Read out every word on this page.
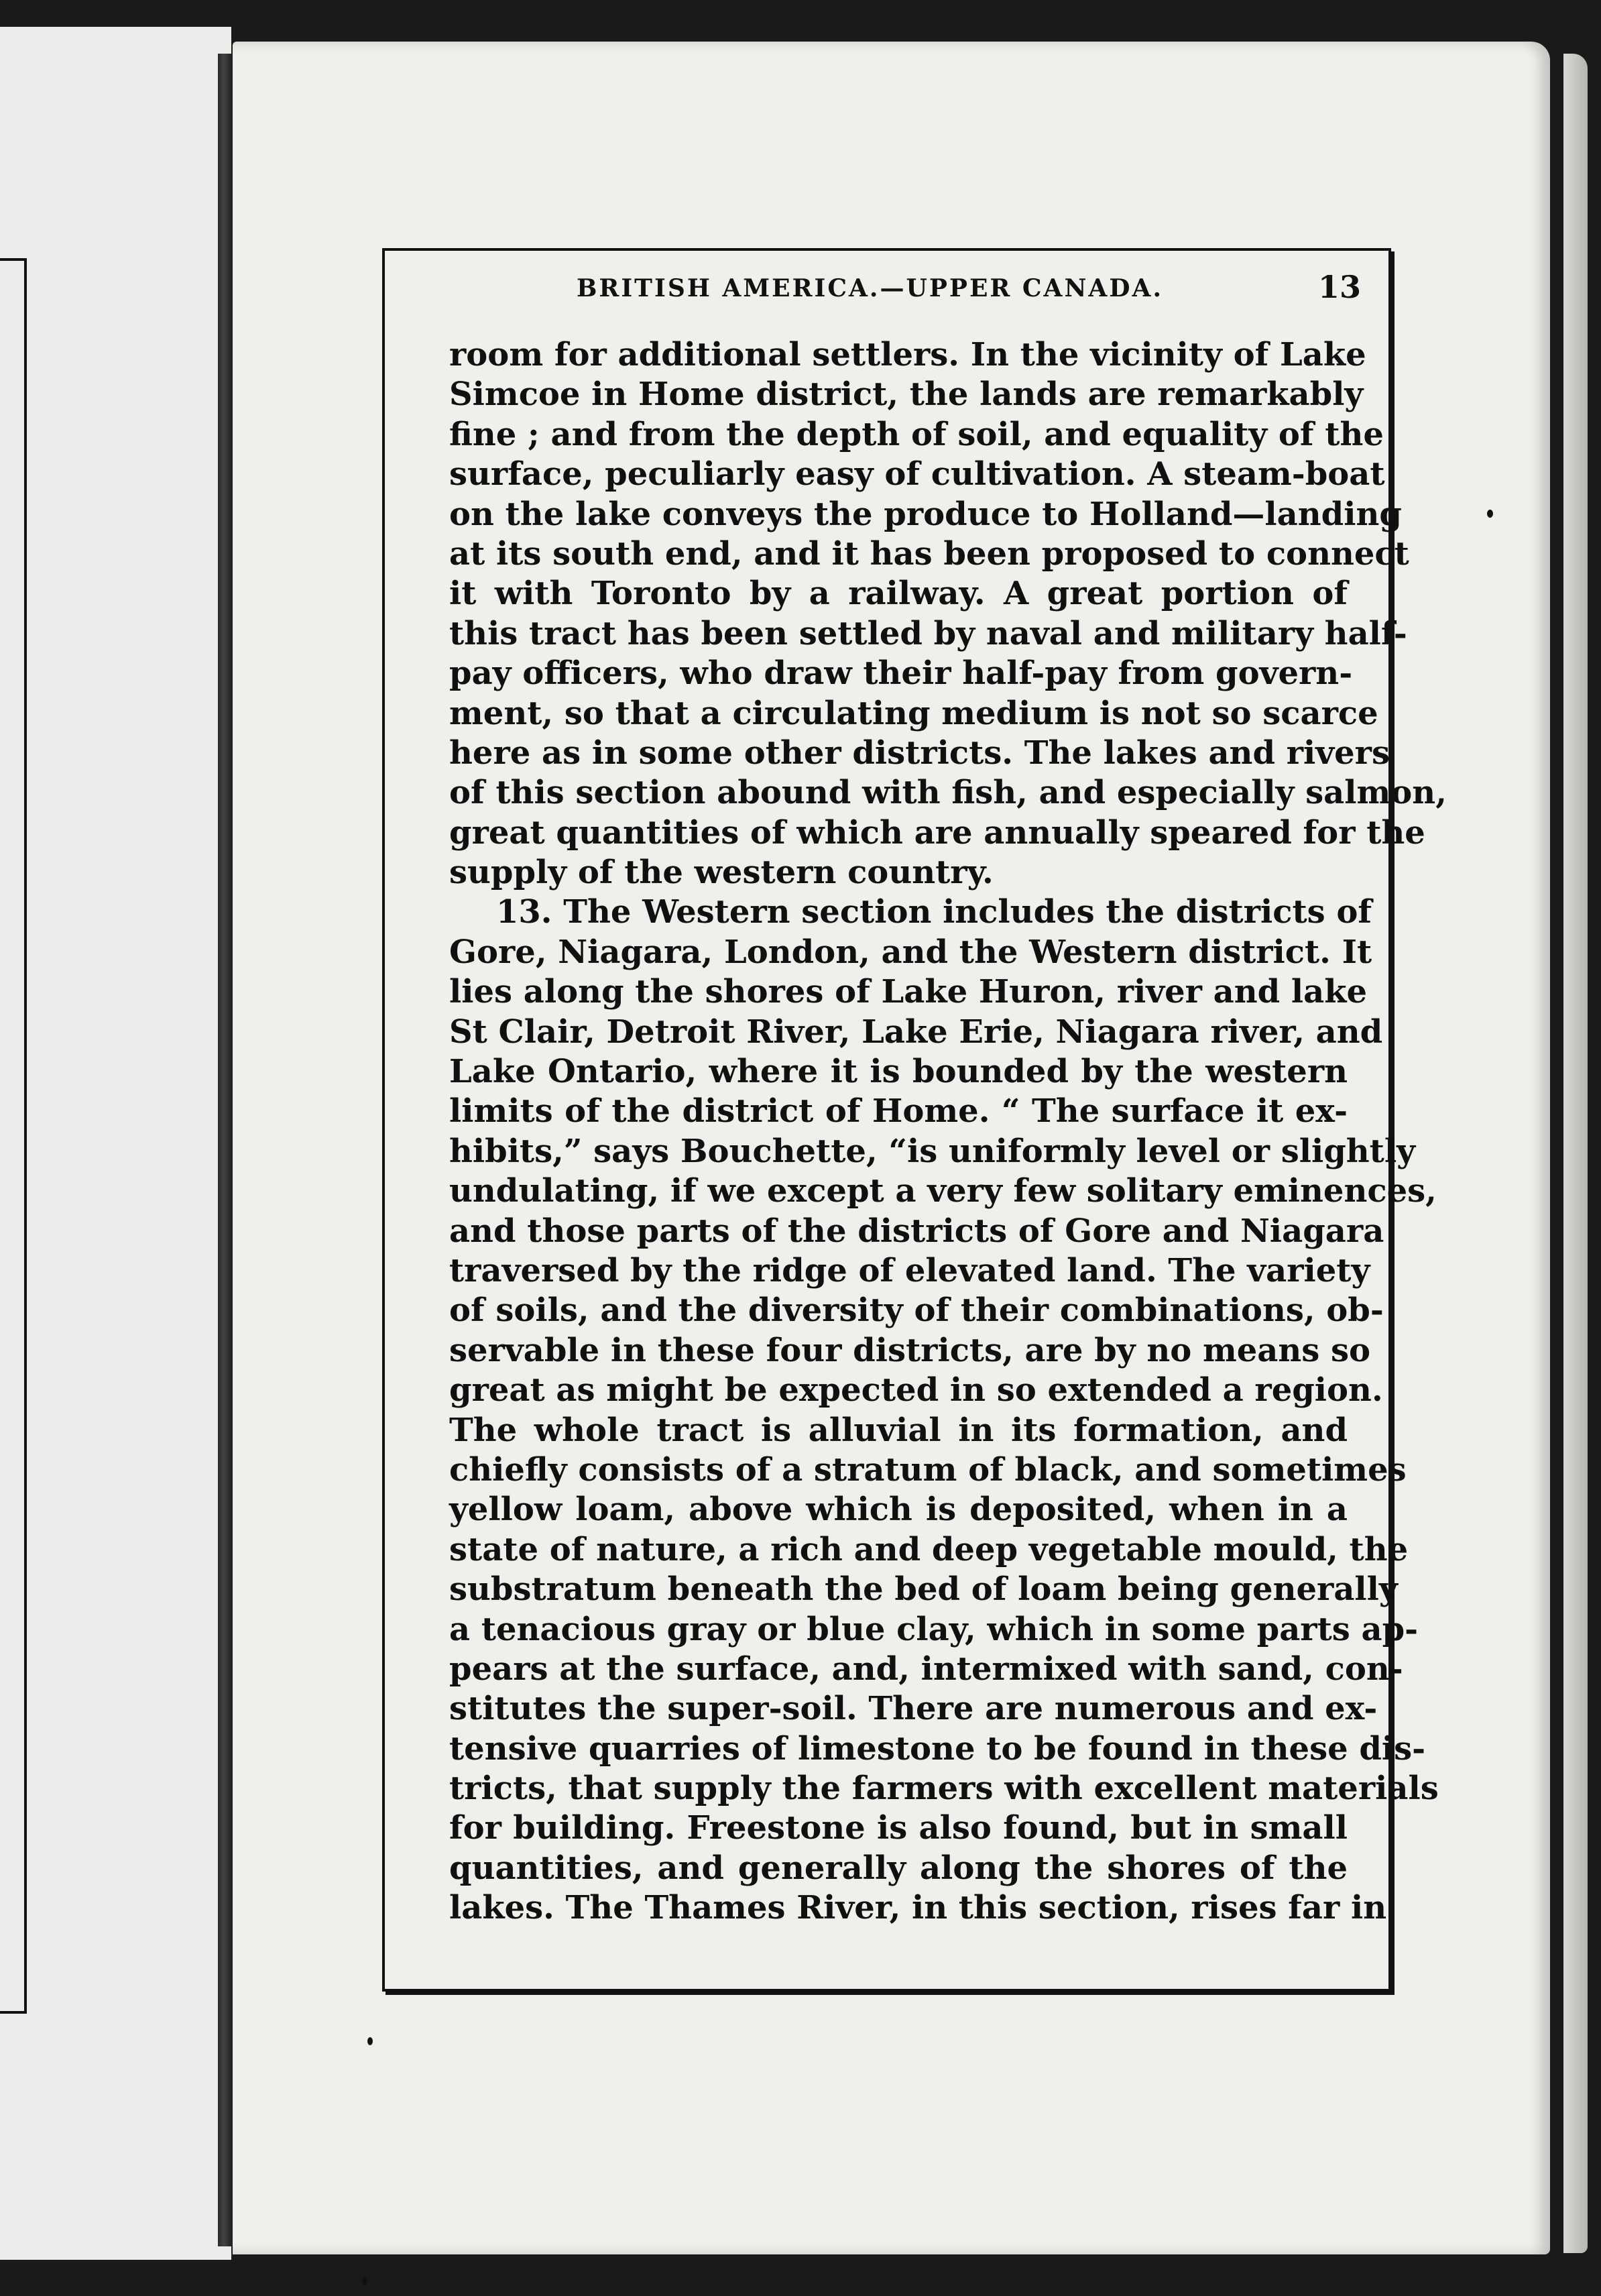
BRITISH AMERICA.—UPPER CANADA.	13
room for additional settlers. In the vicinity of Lake
Simcoe in Home district, the lands are remarkably
fine ; and from the depth of soil, and equality of the
surface, peculiarly easy of cultivation. A steam-boat
on the lake conveys the produce to Holland—landing
at its south end, and it has been proposed to connect
it with Toronto by a railway. A great portion of
this tract has been settled by naval and military half-
pay officers, who draw their half-pay from govern-
ment, so that a circulating medium is not so scarce
here as in some other districts. The lakes and rivers
of this section abound with fish, and especially salmon,
great quantities of which are annually speared for the
supply of the western country.
13. The Western section includes the districts of
Gore, Niagara, London, and the Western district. It
lies along the shores of Lake Huron, river and lake
St Clair, Detroit River, Lake Erie, Niagara river, and
Lake Ontario, where it is bounded by the western
limits of the district of Home. “ The surface it ex-
hibits,” says Bouchette, “is uniformly level or slightly
undulating, if we except a very few solitary eminences,
and those parts of the districts of Gore and Niagara
traversed by the ridge of elevated land. The variety
of soils, and the diversity of their combinations, ob-
servable in these four districts, are by no means so
great as might be expected in so extended a region.
The whole tract is alluvial in its formation, and
chiefly consists of a stratum of black, and sometimes
yellow loam, above which is deposited, when in a
state of nature, a rich and deep vegetable mould, the
substratum beneath the bed of loam being generally
a tenacious gray or blue clay, which in some parts ap-
pears at the surface, and, intermixed with sand, con-
stitutes the super-soil. There are numerous and ex-
tensive quarries of limestone to be found in these dis-
tricts, that supply the farmers with excellent materials
for building. Freestone is also found, but in small
quantities, and generally along the shores of the
lakes. The Thames River, in this section, rises far in
